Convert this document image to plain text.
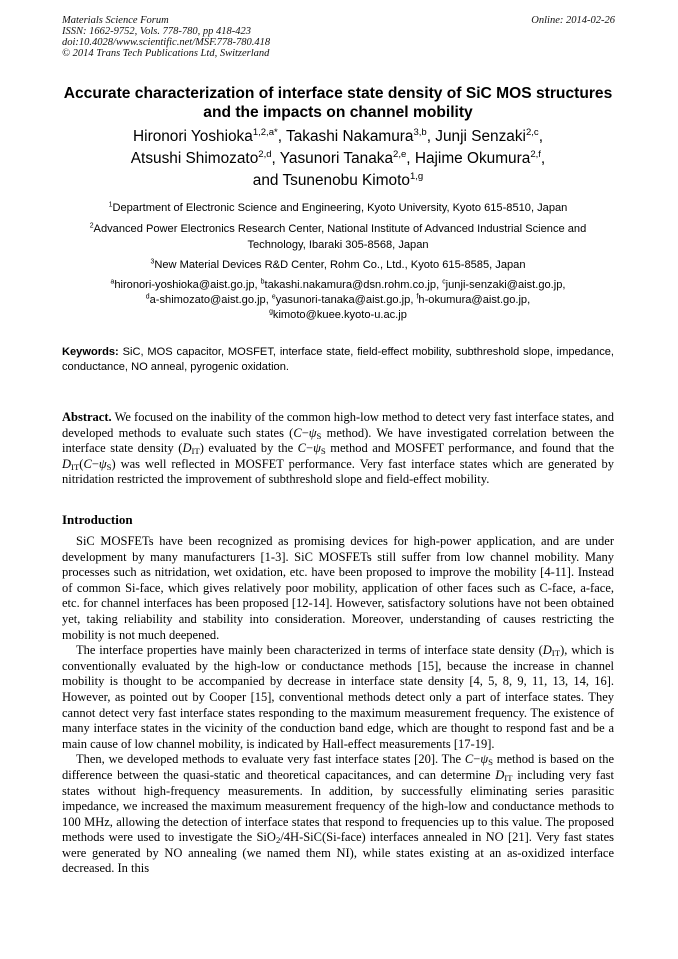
Materials Science Forum
ISSN: 1662-9752, Vols. 778-780, pp 418-423
doi:10.4028/www.scientific.net/MSF.778-780.418
© 2014 Trans Tech Publications Ltd, Switzerland
Online: 2014-02-26
Accurate characterization of interface state density of SiC MOS structures and the impacts on channel mobility
Hironori Yoshioka$^{1,2,a*}$, Takashi Nakamura$^{3,b}$, Junji Senzaki$^{2,c}$,
Atsushi Shimozato$^{2,d}$, Yasunori Tanaka$^{2,e}$, Hajime Okumura$^{2,f}$,
and Tsunenobu Kimoto$^{1,g}$
$^1$Department of Electronic Science and Engineering, Kyoto University, Kyoto 615-8510, Japan
$^2$Advanced Power Electronics Research Center, National Institute of Advanced Industrial Science and Technology, Ibaraki 305-8568, Japan
$^3$New Material Devices R&D Center, Rohm Co., Ltd., Kyoto 615-8585, Japan
$^a$hironori-yoshioka@aist.go.jp, $^b$takashi.nakamura@dsn.rohm.co.jp, $^c$junji-senzaki@aist.go.jp,
$^d$a-shimozato@aist.go.jp, $^e$yasunori-tanaka@aist.go.jp, $^f$h-okumura@aist.go.jp,
$^g$kimoto@kuee.kyoto-u.ac.jp
Keywords: SiC, MOS capacitor, MOSFET, interface state, field-effect mobility, subthreshold slope, impedance, conductance, NO anneal, pyrogenic oxidation.
Abstract. We focused on the inability of the common high-low method to detect very fast interface states, and developed methods to evaluate such states ($C-\psi_S$ method). We have investigated correlation between the interface state density $(D_{IT})$ evaluated by the $C-\psi_S$ method and MOSFET performance, and found that the $D_{IT}(C-\psi_S)$ was well reflected in MOSFET performance. Very fast interface states which are generated by nitridation restricted the improvement of subthreshold slope and field-effect mobility.
Introduction

SiC MOSFETs have been recognized as promising devices for high-power application, and are under development by many manufacturers [1-3]. SiC MOSFETs still suffer from low channel mobility. Many processes such as nitridation, wet oxidation, etc. have been proposed to improve the mobility [4-11]. Instead of common Si-face, which gives relatively poor mobility, application of other faces such as C-face, a-face, etc. for channel interfaces has been proposed [12-14]. However, satisfactory solutions have not been obtained yet, taking reliability and stability into consideration. Moreover, understanding of causes restricting the mobility is not much deepened.

The interface properties have mainly been characterized in terms of interface state density $(D_{IT})$, which is conventionally evaluated by the high-low or conductance methods [15], because the increase in channel mobility is thought to be accompanied by decrease in interface state density [4, 5, 8, 9, 11, 13, 14, 16]. However, as pointed out by Cooper [15], conventional methods detect only a part of interface states. They cannot detect very fast interface states responding to the maximum measurement frequency. The existence of many interface states in the vicinity of the conduction band edge, which are thought to respond fast and be a main cause of low channel mobility, is indicated by Hall-effect measurements [17-19].

Then, we developed methods to evaluate very fast interface states [20]. The $C-\psi_S$ method is based on the difference between the quasi-static and theoretical capacitances, and can determine $D_{IT}$ including very fast states without high-frequency measurements. In addition, by successfully eliminating series parasitic impedance, we increased the maximum measurement frequency of the high-low and conductance methods to 100 MHz, allowing the detection of interface states that respond to frequencies up to this value. The proposed methods were used to investigate the SiO$_2$/4H-SiC(Si-face) interfaces annealed in NO [21]. Very fast states were generated by NO annealing (we named them NI), while states existing at an as-oxidized interface decreased. In this
